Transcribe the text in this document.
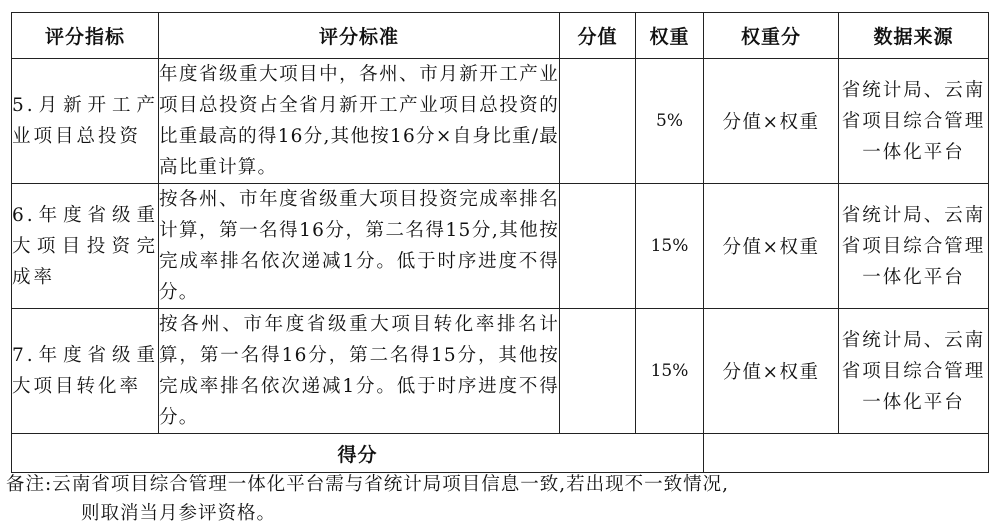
评分指标	评分标准	分值	权重	权重分	数据来源
5.月新开工产业项目总投资	年度省级重大项目中，各州、市月新开工产业项目总投资占全省月新开工产业项目总投资的比重最高的得16分,其他按16分×自身比重/最高比重计算。		5%	分值×权重	省统计局、云南省项目综合管理一体化平台
6.年度省级重大项目投资完成率	按各州、市年度省级重大项目投资完成率排名计算，第一名得16分，第二名得15分,其他按完成率排名依次递减1分。低于时序进度不得分。		15%	分值×权重	省统计局、云南省项目综合管理一体化平台
7.年度省级重大项目转化率	按各州、市年度省级重大项目转化率排名计算，第一名得16分，第二名得15分，其他按完成率排名依次递减1分。低于时序进度不得分。		15%	分值×权重	省统计局、云南省项目综合管理一体化平台
得分					
备注:云南省项目综合管理一体化平台需与省统计局项目信息一致,若出现不一致情况,
则取消当月参评资格。
